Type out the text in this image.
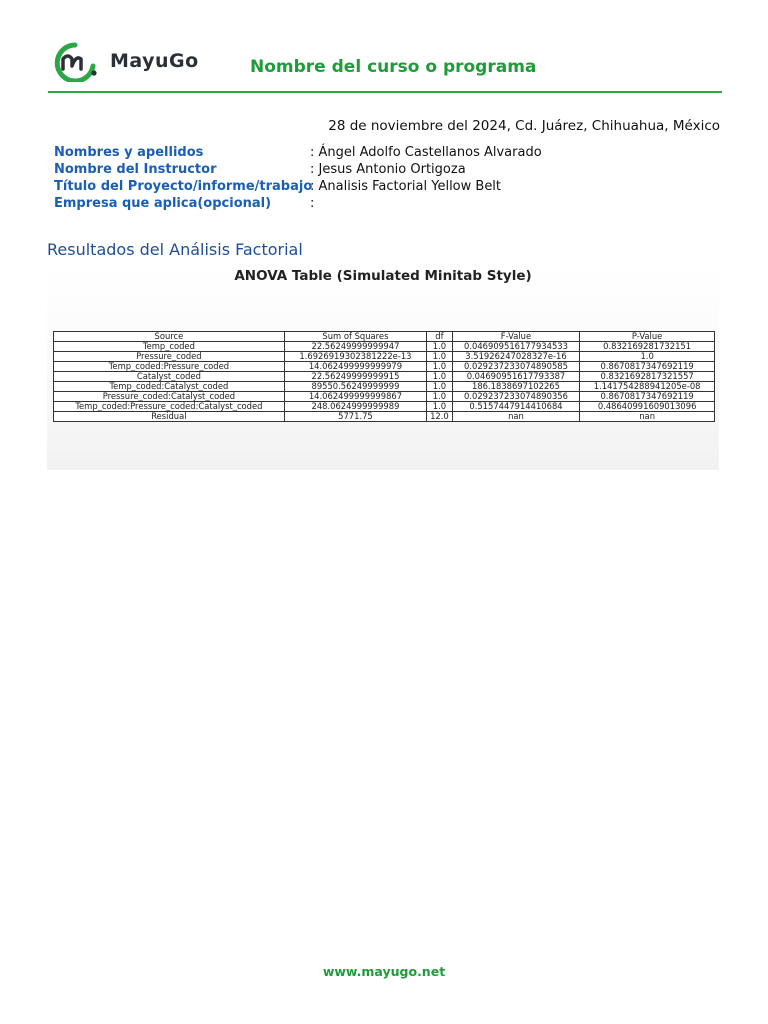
MayuGo	Nombre del curso o programa
28 de noviembre del 2024, Cd. Juárez, Chihuahua, México
Nombres y apellidos	: Ángel Adolfo Castellanos Alvarado
Nombre del Instructor	: Jesus Antonio Ortigoza
Título del Proyecto/informe/trabajo
: Analisis Factorial Yellow Belt
Empresa que aplica(opcional)	:
Resultados del Análisis Factorial
ANOVA Table (Simulated Minitab Style)
Source	Sum of Squares	df	F-Value	P-Value
Temp_coded	22.56249999999947	1.0	0.046909516177934533	0.832169281732151
Pressure_coded	1.6926919302381222e-13	1.0	3.51926247028327e-16	1.0
Temp_coded:Pressure_coded	14.062499999999979	1.0	0.029237233074890585	0.8670817347692119
Catalyst_coded	22.56249999999915	1.0	0.04690951617793387	0.8321692817321557
Temp_coded:Catalyst_coded	89550.56249999999	1.0	186.1838697102265	1.141754288941205e-08
Pressure_coded:Catalyst_coded	14.062499999999867	1.0	0.029237233074890356	0.8670817347692119
Temp_coded:Pressure_coded:Catalyst_coded	248.0624999999989	1.0	0.5157447914410684	0.48640991609013096
Residual	5771.75	12.0	nan	nan
www.mayugo.net
